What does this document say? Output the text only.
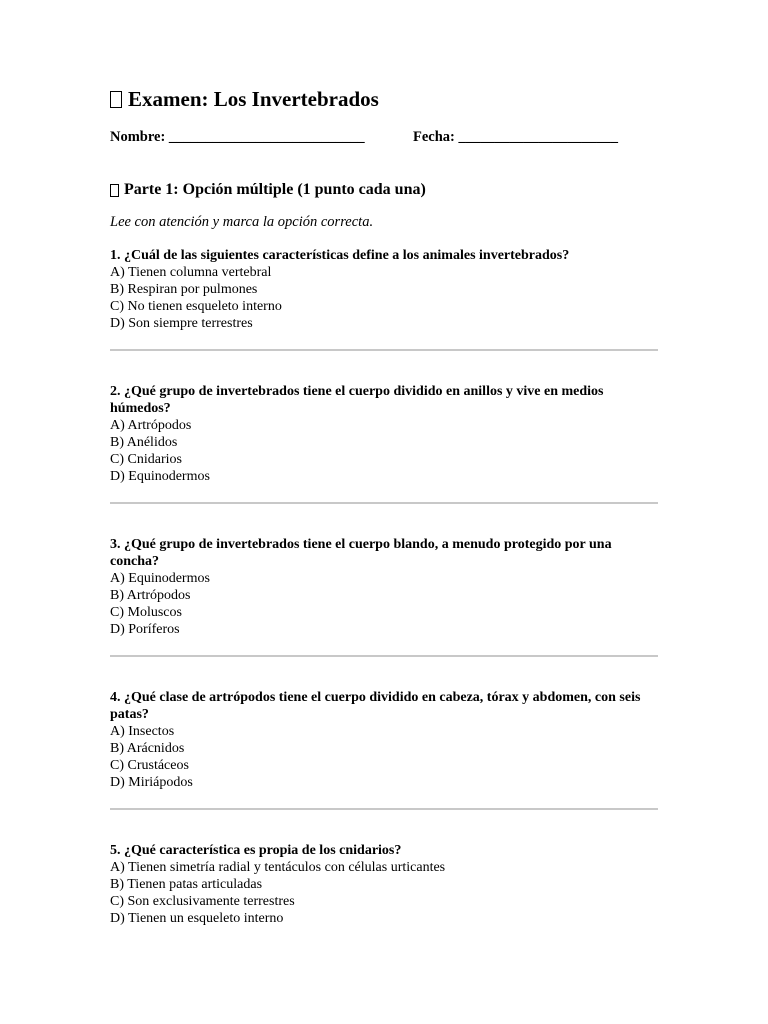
Examen: Los Invertebrados
Nombre: ___________________________	Fecha: ______________________
Parte 1: Opción múltiple (1 punto cada una)
Lee con atención y marca la opción correcta.
1. ¿Cuál de las siguientes características define a los animales invertebrados?
A) Tienen columna vertebral
B) Respiran por pulmones
C) No tienen esqueleto interno
D) Son siempre terrestres
2. ¿Qué grupo de invertebrados tiene el cuerpo dividido en anillos y vive en medios húmedos?
A) Artrópodos
B) Anélidos
C) Cnidarios
D) Equinodermos
3. ¿Qué grupo de invertebrados tiene el cuerpo blando, a menudo protegido por una concha?
A) Equinodermos
B) Artrópodos
C) Moluscos
D) Poríferos
4. ¿Qué clase de artrópodos tiene el cuerpo dividido en cabeza, tórax y abdomen, con seis patas?
A) Insectos
B) Arácnidos
C) Crustáceos
D) Miriápodos
5. ¿Qué característica es propia de los cnidarios?
A) Tienen simetría radial y tentáculos con células urticantes
B) Tienen patas articuladas
C) Son exclusivamente terrestres
D) Tienen un esqueleto interno
